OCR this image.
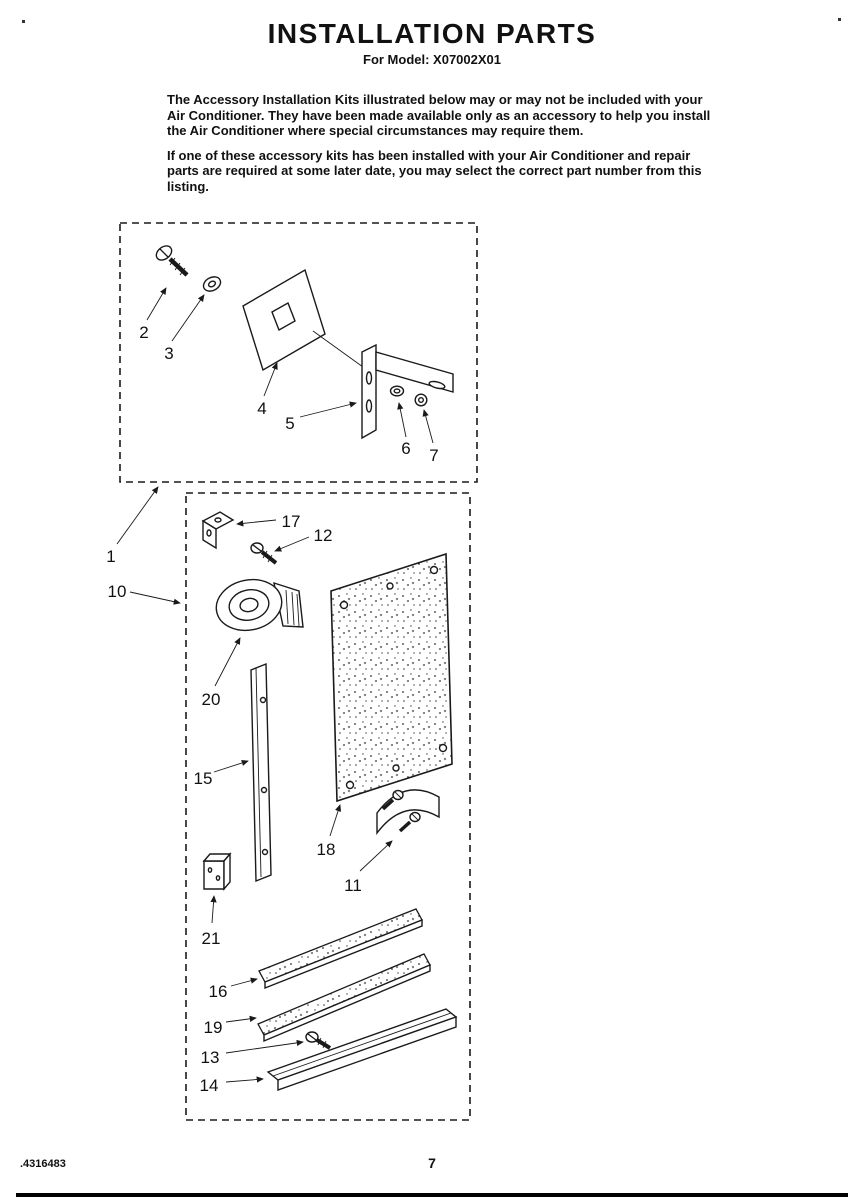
INSTALLATION PARTS
For Model: X07002X01

The Accessory Installation Kits illustrated below may or may not be included with your Air Conditioner. They have been made available only as an accessory to help you install the Air Conditioner where special circumstances may require them.

If one of these accessory kits has been installed with your Air Conditioner and repair parts are required at some later date, you may select the correct part number from this listing.

2
3
4
5
6 7
1
10
17
12
20
15
18
11
21
16
19
13
14
.4316483	7
